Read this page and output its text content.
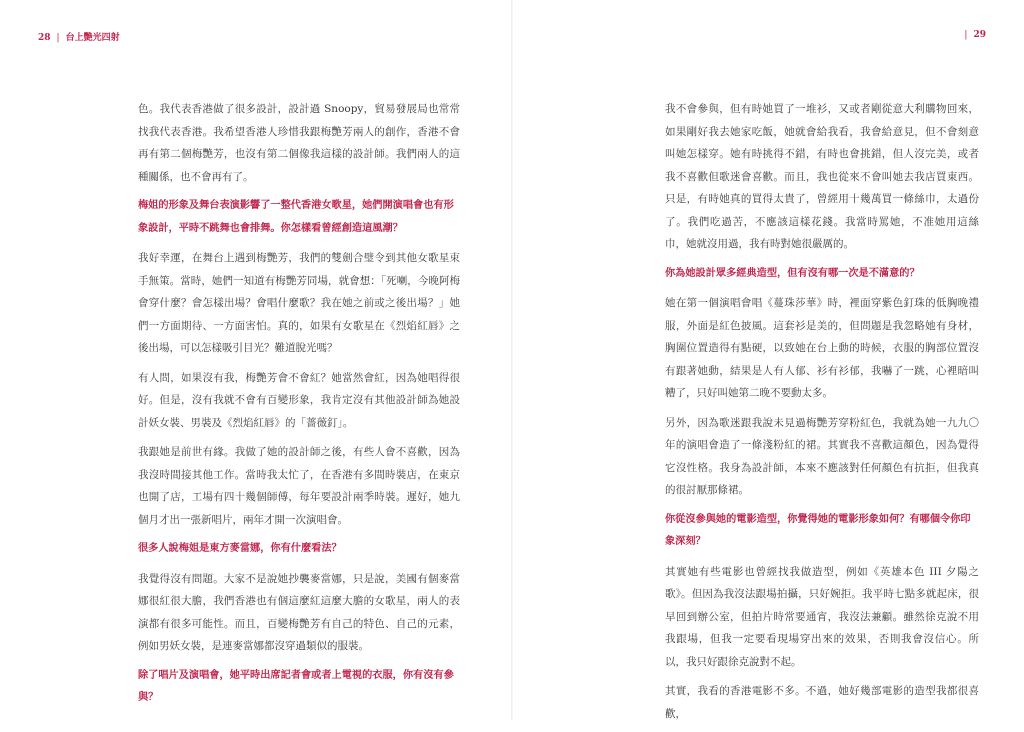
28 | 台上艷光四射	| 29

色。我代表香港做了很多設計，設計過 Snoopy，貿易發展局也常常找我代表香港。我希望香港人珍惜我跟梅艷芳兩人的創作，香港不會再有第二個梅艷芳，也沒有第二個像我這樣的設計師。我們兩人的這種關係，也不會再有了。

梅姐的形象及舞台表演影響了一整代香港女歌星，她們開演唱會也有形象設計，平時不跳舞也會排舞。你怎樣看曾經創造這風潮？

我好幸運，在舞台上遇到梅艷芳，我們的雙劍合璧令到其他女歌星束手無策。當時，她們一知道有梅艷芳同場，就會想：「死喇，今晚阿梅會穿什麼？會怎樣出場？會唱什麼歌？我在她之前或之後出場？」她們一方面期待、一方面害怕。真的，如果有女歌星在《烈焰紅唇》之後出場，可以怎樣吸引目光？難道脫光嗎？

有人問，如果沒有我，梅艷芳會不會紅？她當然會紅，因為她唱得很好。但是，沒有我就不會有百變形象，我肯定沒有其他設計師為她設計妖女裝、男裝及《烈焰紅唇》的「薔薇釘」。

我跟她是前世有緣。我做了她的設計師之後，有些人會不喜歡，因為我沒時間接其他工作。當時我太忙了，在香港有多間時裝店，在東京也開了店，工場有四十幾個師傅，每年要設計兩季時裝。遲好，她九個月才出一張新唱片，兩年才開一次演唱會。

很多人說梅姐是東方麥當娜，你有什麼看法？

我覺得沒有問題。大家不是說她抄襲麥當娜，只是說，美國有個麥當娜很紅很大膽，我們香港也有個這麼紅這麼大膽的女歌星，兩人的表演都有很多可能性。而且，百變梅艷芳有自己的特色、自己的元素，例如男妖女裝，是連麥當娜都沒穿過類似的服裝。

除了唱片及演唱會，她平時出席記者會或者上電視的衣服，你有沒有參與？

我不會參與，但有時她買了一堆衫，又或者剛從意大利購物回來，如果剛好我去她家吃飯，她就會給我看，我會給意見，但不會刻意叫她怎樣穿。她有時挑得不錯，有時也會挑錯，但人沒完美，或者我不喜歡但歌迷會喜歡。而且，我也從來不會叫她去我店買東西。只是，有時她真的買得太貴了，曾經用十幾萬買一條絲巾，太過份了。我們吃過苦，不應該這樣花錢。我當時罵她，不准她用這絲巾，她就沒用過，我有時對她很嚴厲的。

你為她設計眾多經典造型，但有沒有哪一次是不滿意的？

她在第一個演唱會唱《蔓珠莎華》時，裡面穿紫色釘珠的低胸晚禮服，外面是紅色披風。這套衫是美的，但問題是我忽略她有身材，胸圍位置造得有點硬，以致她在台上動的時候，衣服的胸部位置沒有跟著她動，結果是人有人郁、衫有衫郁，我嚇了一跳，心裡暗叫糟了，只好叫她第二晚不要動太多。

另外，因為歌迷跟我說未見過梅艷芳穿粉紅色，我就為她一九九〇年的演唱會造了一條淺粉紅的裙。其實我不喜歡這顏色，因為覺得它沒性格。我身為設計師，本來不應該對任何顏色有抗拒，但我真的很討厭那條裙。

你從沒參與她的電影造型，你覺得她的電影形象如何？有哪個令你印象深刻？

其實她有些電影也曾經找我做造型，例如《英雄本色 III 夕陽之歌》。但因為我沒法跟場拍攝，只好婉拒。我平時七點多就起床，很早回到辦公室，但拍片時常要通宵，我沒法兼顧。雖然徐克說不用我跟場，但我一定要看現場穿出來的效果，否則我會沒信心。所以，我只好跟徐克說對不起。

其實，我看的香港電影不多。不過，她好幾部電影的造型我都很喜歡，
